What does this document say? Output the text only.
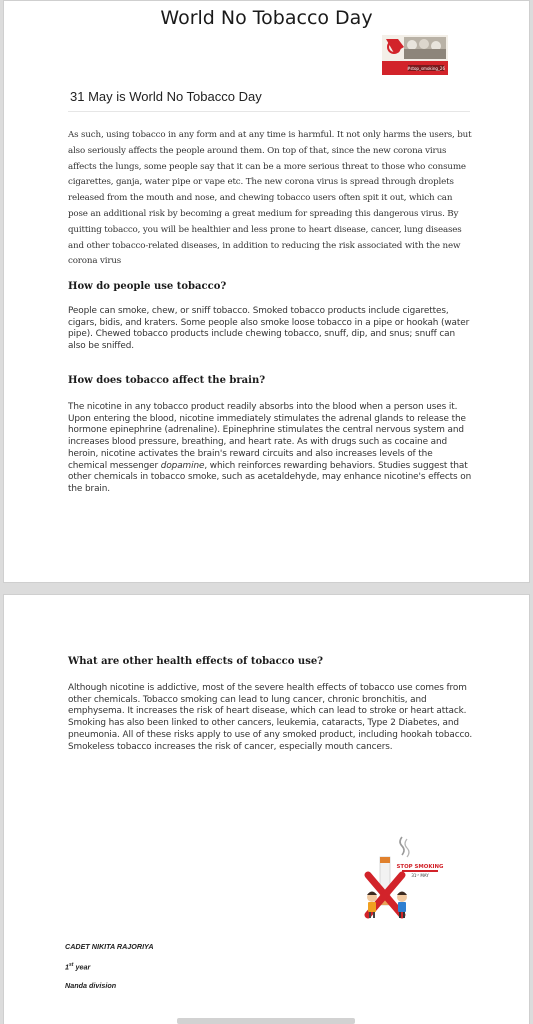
World No Tobacco Day
#stop_smoking_26
31 May is World No Tobacco Day

As such, using tobacco in any form and at any time is harmful. It not only harms the users, but also seriously affects the people around them. On top of that, since the new corona virus affects the lungs, some people say that it can be a more serious threat to those who consume cigarettes, ganja, water pipe or vape etc. The new corona virus is spread through droplets released from the mouth and nose, and chewing tobacco users often spit it out, which can pose an additional risk by becoming a great medium for spreading this dangerous virus. By quitting tobacco, you will be healthier and less prone to heart disease, cancer, lung diseases and other tobacco-related diseases, in addition to reducing the risk associated with the new corona virus

How do people use tobacco?

People can smoke, chew, or sniff tobacco. Smoked tobacco products include cigarettes, cigars, bidis, and kraters. Some people also smoke loose tobacco in a pipe or hookah (water pipe). Chewed tobacco products include chewing tobacco, snuff, dip, and snus; snuff can also be sniffed.

How does tobacco affect the brain?

The nicotine in any tobacco product readily absorbs into the blood when a person uses it. Upon entering the blood, nicotine immediately stimulates the adrenal glands to release the hormone epinephrine (adrenaline). Epinephrine stimulates the central nervous system and increases blood pressure, breathing, and heart rate. As with drugs such as cocaine and heroin, nicotine activates the brain's reward circuits and also increases levels of the chemical messenger dopamine, which reinforces rewarding behaviors. Studies suggest that other chemicals in tobacco smoke, such as acetaldehyde, may enhance nicotine's effects on the brain.

What are other health effects of tobacco use?

Although nicotine is addictive, most of the severe health effects of tobacco use comes from other chemicals. Tobacco smoking can lead to lung cancer, chronic bronchitis, and emphysema. It increases the risk of heart disease, which can lead to stroke or heart attack. Smoking has also been linked to other cancers, leukemia, cataracts, Type 2 Diabetes, and pneumonia. All of these risks apply to use of any smoked product, including hookah tobacco. Smokeless tobacco increases the risk of cancer, especially mouth cancers.

STOP SMOKING
31ˢᵗ MAY
CADET NIKITA RAJORIYA
1st year
Nanda division
